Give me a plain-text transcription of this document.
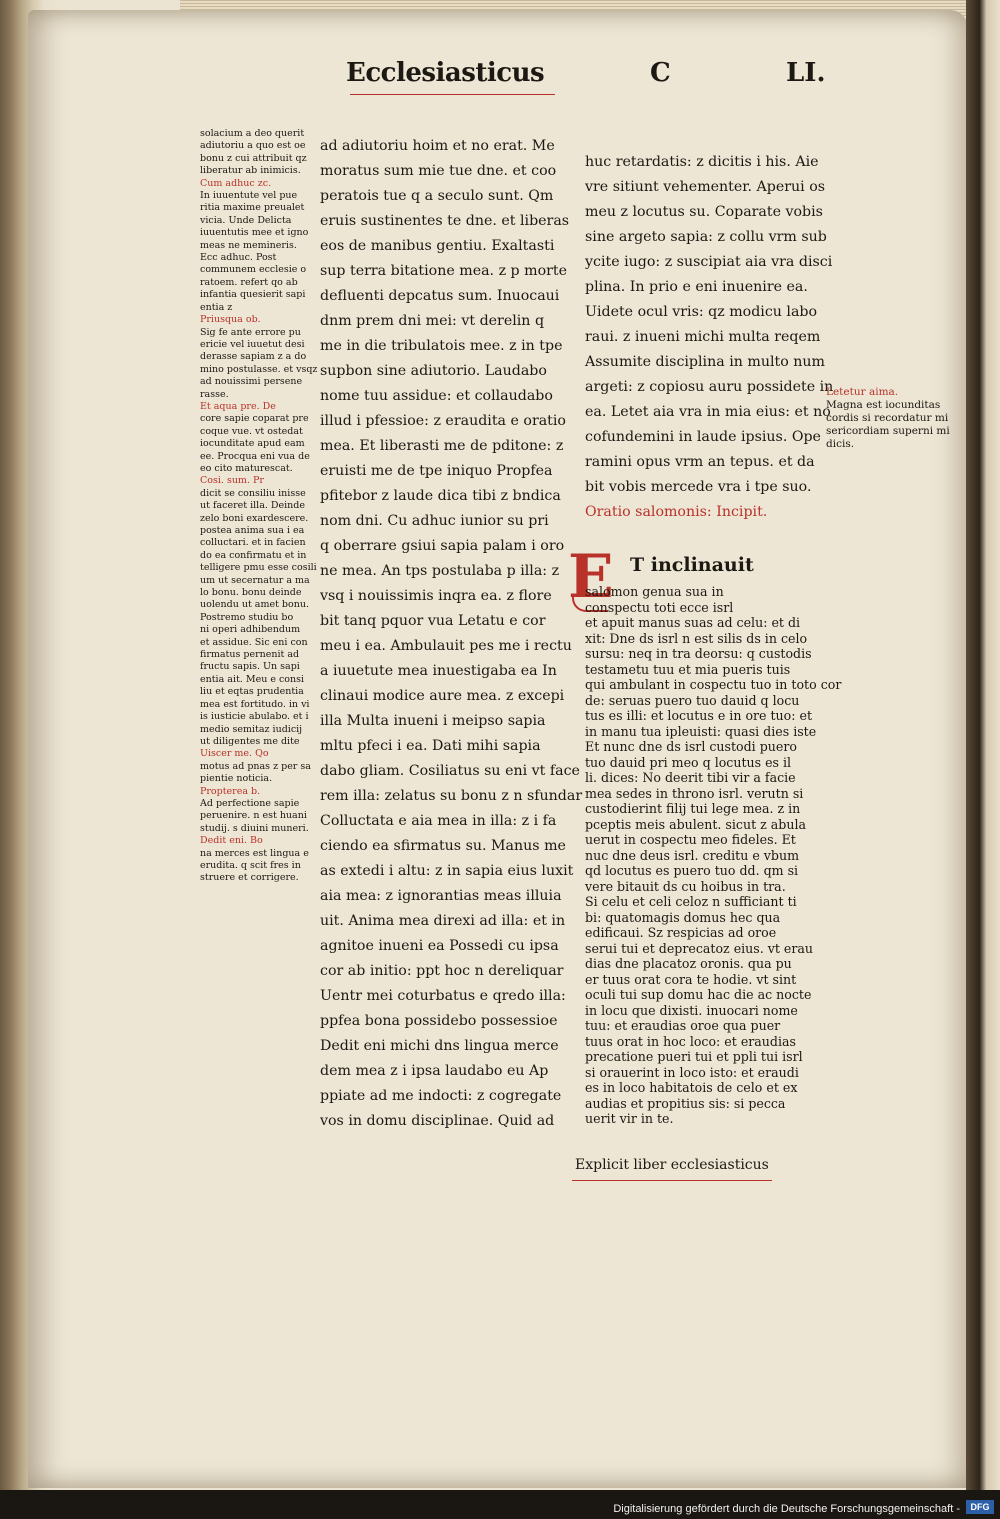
Ecclesiasticus	C	LI.
solacium a deo querit
adiutoriu a quo est oe
bonu z cui attribuit qz
liberatur ab inimicis.
Cum adhuc zc.
In iuuentute vel pue
ritia maxime preualet
vicia. Unde Delicta
iuuentutis mee et igno
meas ne memineris.
Ecc adhuc. Post
communem ecclesie o
ratoem. refert qo ab
infantia quesierit sapi
entia z
Priusqua ob.
Sig fe ante errore pu
ericie vel iuuetut desi
derasse sapiam z a do
mino postulasse. et vsqz
ad nouissimi persene
rasse.
Et aqua pre. De
core sapie coparat pre
coque vue. vt ostedat
iocunditate apud eam
ee. Procqua eni vua de
eo cito maturescat.
Cosi. sum. Pr
dicit se consiliu inisse
ut faceret illa. Deinde
zelo boni exardescere.
postea anima sua i ea
colluctari. et in facien
do ea confirmatu et in
telligere pmu esse cosili
um ut secernatur a ma
lo bonu. bonu deinde
uolendu ut amet bonu.
Postremo studiu bo
ni operi adhibendum
et assidue. Sic eni con
firmatus pernenit ad
fructu sapis. Un sapi
entia ait. Meu e consi
liu et eqtas prudentia
mea est fortitudo. in vi
is iusticie abulabo. et i
medio semitaz iudicij
ut diligentes me dite
Uiscer me. Qo
motus ad pnas z per sa
pientie noticia.
Propterea b.
Ad perfectione sapie
peruenire. n est huani
studij. s diuini muneri.
Dedit eni. Bo
na merces est lingua e
erudita. q scit fres in
struere et corrigere.
ad adiutoriu hoim et no erat. Me
moratus sum mie tue dne. et coo
peratois tue q a seculo sunt. Qm
eruis sustinentes te dne. et liberas
eos de manibus gentiu. Exaltasti
sup terra bitatione mea. z p morte
defluenti depcatus sum. Inuocaui
dnm prem dni mei: vt derelin q
me in die tribulatois mee. z in tpe
supbon sine adiutorio. Laudabo
nome tuu assidue: et collaudabo
illud i pfessioe: z eraudita e oratio
mea. Et liberasti me de pditone: z
eruisti me de tpe iniquo Propfea
pfitebor z laude dica tibi z bndica
nom dni. Cu adhuc iunior su pri
q oberrare gsiui sapia palam i oro
ne mea. An tps postulaba p illa: z
vsq i nouissimis inqra ea. z flore
bit tanq pquor vua Letatu e cor
meu i ea. Ambulauit pes me i rectu
a iuuetute mea inuestigaba ea In
clinaui modice aure mea. z excepi
illa Multa inueni i meipso sapia
mltu pfeci i ea. Dati mihi sapia
dabo gliam. Cosiliatus su eni vt face
rem illa: zelatus su bonu z n sfundar
Colluctata e aia mea in illa: z i fa
ciendo ea sfirmatus su. Manus me
as extedi i altu: z in sapia eius luxit
aia mea: z ignorantias meas illuia
uit. Anima mea direxi ad illa: et in
agnitoe inueni ea Possedi cu ipsa
cor ab initio: ppt hoc n dereliquar
Uentr mei coturbatus e qredo illa:
ppfea bona possidebo possessioe
Dedit eni michi dns lingua merce
dem mea z i ipsa laudabo eu Ap
ppiate ad me indocti: z cogregate
vos in domu disciplinae. Quid ad
huc retardatis: z dicitis i his. Aie
vre sitiunt vehementer. Aperui os
meu z locutus su. Coparate vobis
sine argeto sapia: z collu vrm sub
ycite iugo: z suscipiat aia vra disci
plina. In prio e eni inuenire ea.
Uidete ocul vris: qz modicu labo
raui. z inueni michi multa reqem
Assumite disciplina in multo num
argeti: z copiosu auru possidete in
ea. Letet aia vra in mia eius: et no
cofundemini in laude ipsius. Ope
ramini opus vrm an tepus. et da
bit vobis mercede vra i tpe suo.
Oratio salomonis: Incipit.
E T inclinauit
salomon genua sua in
conspectu toti ecce isrl
et apuit manus suas ad celu: et di
xit: Dne ds isrl n est silis ds in celo
sursu: neq in tra deorsu: q custodis
testametu tuu et mia pueris tuis
qui ambulant in cospectu tuo in toto cor
de: seruas puero tuo dauid q locu
tus es illi: et locutus e in ore tuo: et
in manu tua ipleuisti: quasi dies iste
Et nunc dne ds isrl custodi puero
tuo dauid pri meo q locutus es il
li. dices: No deerit tibi vir a facie
mea sedes in throno isrl. verutn si
custodierint filij tui lege mea. z in
pceptis meis abulent. sicut z abula
uerut in cospectu meo fideles. Et
nuc dne deus isrl. creditu e vbum
qd locutus es puero tuo dd. qm si
vere bitauit ds cu hoibus in tra.
Si celu et celi celoz n sufficiant ti
bi: quatomagis domus hec qua
edificaui. Sz respicias ad oroe
serui tui et deprecatoz eius. vt erau
dias dne placatoz oronis. qua pu
er tuus orat cora te hodie. vt sint
oculi tui sup domu hac die ac nocte
in locu que dixisti. inuocari nome
tuu: et eraudias oroe qua puer
tuus orat in hoc loco: et eraudias
precatione pueri tui et ppli tui isrl
si orauerint in loco isto: et eraudi
es in loco habitatois de celo et ex
audias et propitius sis: si pecca
uerit vir in te.
Explicit liber ecclesiasticus
Letetur aima.
Magna est iocunditas
cordis si recordatur mi
sericordiam superni mi
dicis.
Digitalisierung gefördert durch die Deutsche Forschungsgemeinschaft -	DFG
